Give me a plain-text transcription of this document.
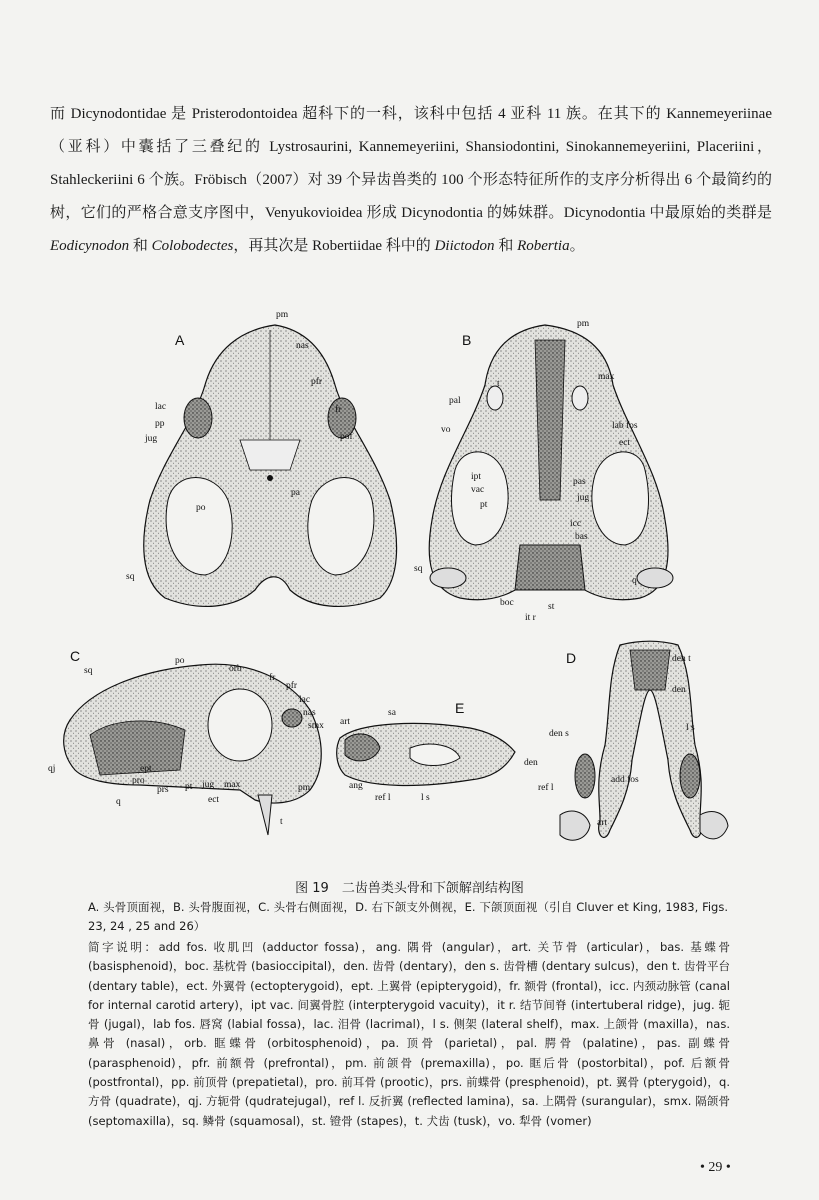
而 Dicynodontidae 是 Pristerodontoidea 超科下的一科，该科中包括 4 亚科 11 族。在其下的 Kannemeyeriinae（亚科）中囊括了三叠纪的 Lystrosaurini, Kannemeyeriini, Shansiodontini, Sinokannemeyeriini, Placeriini，Stahleckeriini 6 个族。Fröbisch（2007）对 39 个异齿兽类的 100 个形态特征所作的支序分析得出 6 个最简约的树，它们的严格合意支序图中，Venyukovioidea 形成 Dicynodontia 的姊妹群。Dicynodontia 中最原始的类群是Eodicynodon 和 Colobodectes，再其次是 Robertiidae 科中的 Diictodon 和 Robertia。
A	B
C	D
E
pm
nas
pfr
fr
pof
lac
pp
jug
pa
po
sq
pm
max
t
pal
vo	lab fos
ect
ipt
vac
pt
pas
jug
icc
bas
sq
q
boc
it r
st
sq
po
orb
fr
pfr
lac
nas
smx
qj
q
ept
pro
prs pt jug max
ect
pm
t
art
sa
ang
ref l	l s
den
den t
den
l s
den s
add fos
ref l
art
图 19　二齿兽类头骨和下颌解剖结构图
A. 头骨顶面视，B. 头骨腹面视，C. 头骨右侧面视，D. 右下颌支外侧视，E. 下颌顶面视（引自 Cluver et King, 1983, Figs. 23, 24 , 25 and 26）
简字说明：add fos. 收肌凹 (adductor fossa)，ang. 隅骨 (angular)，art. 关节骨 (articular)，bas. 基蝶骨 (basisphenoid)，boc. 基枕骨 (basioccipital)，den. 齿骨 (dentary)，den s. 齿骨槽 (dentary sulcus)，den t. 齿骨平台 (dentary table)，ect. 外翼骨 (ectopterygoid)，ept. 上翼骨 (epipterygoid)，fr. 额骨 (frontal)，icc. 内颈动脉管 (canal for internal carotid artery)，ipt vac. 间翼骨腔 (interpterygoid vacuity)，it r. 结节间脊 (intertuberal ridge)，jug. 轭骨 (jugal)，lab fos. 唇窝 (labial fossa)，lac. 泪骨 (lacrimal)，l s. 侧架 (lateral shelf)，max. 上颌骨 (maxilla)，nas. 鼻骨 (nasal)，orb. 眶蝶骨 (orbitosphenoid)，pa. 顶骨 (parietal)，pal. 腭骨 (palatine)，pas. 副蝶骨 (parasphenoid)，pfr. 前额骨 (prefrontal)，pm. 前颌骨 (premaxilla)，po. 眶后骨 (postorbital)，pof. 后额骨 (postfrontal)，pp. 前顶骨 (prepatietal)，pro. 前耳骨 (prootic)，prs. 前蝶骨 (presphenoid)，pt. 翼骨 (pterygoid)，q. 方骨 (quadrate)，qj. 方轭骨 (qudratejugal)，ref l. 反折翼 (reflected lamina)，sa. 上隅骨 (surangular)，smx. 隔颌骨 (septomaxilla)，sq. 鳞骨 (squamosal)，st. 镫骨 (stapes)，t. 犬齿 (tusk)，vo. 犁骨 (vomer)
• 29 •
